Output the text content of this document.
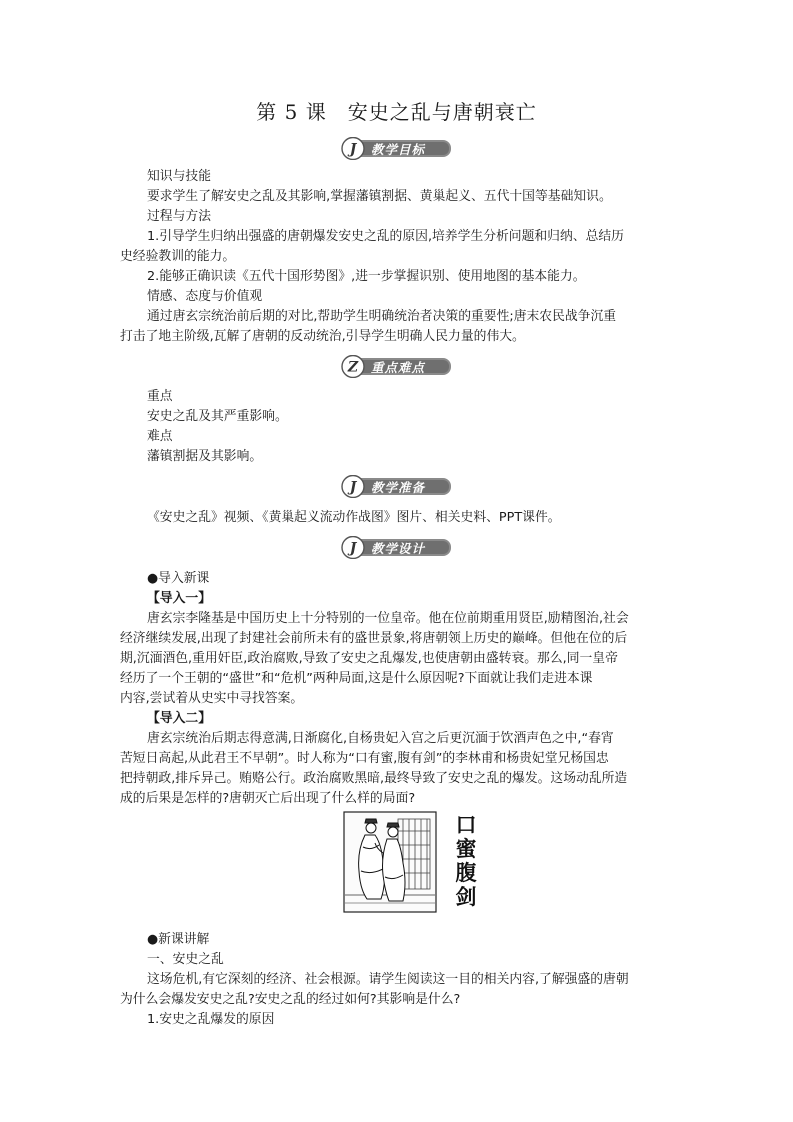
第 5 课　安史之乱与唐朝衰亡
J 教学目标
知识与技能
要求学生了解安史之乱及其影响,掌握藩镇割据、黄巢起义、五代十国等基础知识。
过程与方法
1.引导学生归纳出强盛的唐朝爆发安史之乱的原因,培养学生分析问题和归纳、总结历
史经验教训的能力。
2.能够正确识读《五代十国形势图》,进一步掌握识别、使用地图的基本能力。
情感、态度与价值观
通过唐玄宗统治前后期的对比,帮助学生明确统治者决策的重要性;唐末农民战争沉重
打击了地主阶级,瓦解了唐朝的反动统治,引导学生明确人民力量的伟大。
Z 重点难点
重点
安史之乱及其严重影响。
难点
藩镇割据及其影响。
J 教学准备
《安史之乱》视频、《黄巢起义流动作战图》图片、相关史料、PPT课件。
J 教学设计
●导入新课
【导入一】
唐玄宗李隆基是中国历史上十分特别的一位皇帝。他在位前期重用贤臣,励精图治,社会
经济继续发展,出现了封建社会前所未有的盛世景象,将唐朝领上历史的巅峰。但他在位的后
期,沉湎酒色,重用奸臣,政治腐败,导致了安史之乱爆发,也使唐朝由盛转衰。那么,同一皇帝
经历了一个王朝的“盛世”和“危机”两种局面,这是什么原因呢?下面就让我们走进本课
内容,尝试着从史实中寻找答案。
【导入二】
唐玄宗统治后期志得意满,日渐腐化,自杨贵妃入宫之后更沉湎于饮酒声色之中,“春宵
苦短日高起,从此君王不早朝”。时人称为“口有蜜,腹有剑”的李林甫和杨贵妃堂兄杨国忠
把持朝政,排斥异己。贿赂公行。政治腐败黑暗,最终导致了安史之乱的爆发。这场动乱所造
成的后果是怎样的?唐朝灭亡后出现了什么样的局面?
口
蜜
腹
剑
●新课讲解
一、安史之乱
这场危机,有它深刻的经济、社会根源。请学生阅读这一目的相关内容,了解强盛的唐朝
为什么会爆发安史之乱?安史之乱的经过如何?其影响是什么?
1.安史之乱爆发的原因
